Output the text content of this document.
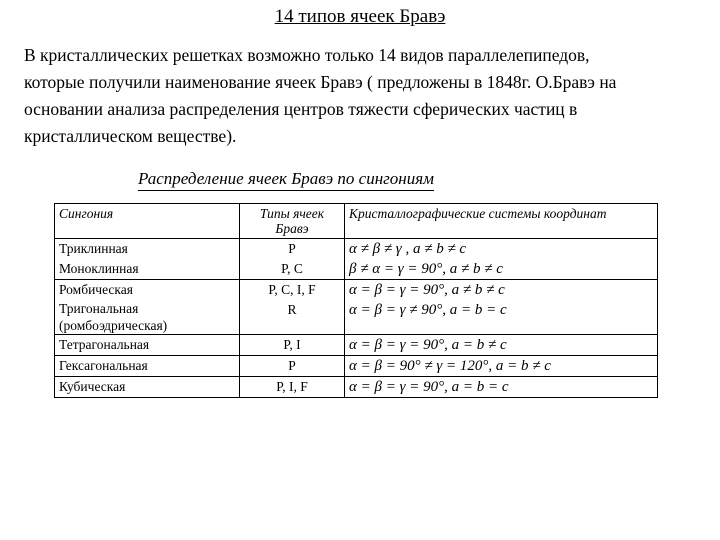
14 типов ячеек Бравэ
В кристаллических решетках возможно только 14 видов параллелепипедов,
которые получили наименование ячеек Бравэ ( предложены в 1848г. О.Бравэ на
основании анализа распределения центров тяжести сферических частиц в
кристаллическом веществе).
Распределение ячеек Бравэ по сингониям
Сингония	Типы ячеек Бравэ	Кристаллографические системы координат
Триклинная	P	α ≠ β ≠ γ , a ≠ b ≠ c
Моноклинная	P, C	β ≠ α = γ = 90°, a ≠ b ≠ c
Ромбическая	P, C, I, F	α = β = γ = 90°, a ≠ b ≠ c
Тригональная (ромбоэдрическая)	R	α = β = γ ≠ 90°, a = b = c
Тетрагональная	P, I	α = β = γ = 90°, a = b ≠ c
Гексагональная	P	α = β = 90° ≠ γ = 120°, a = b ≠ c
Кубическая	P, I, F	α = β = γ = 90°, a = b = c
